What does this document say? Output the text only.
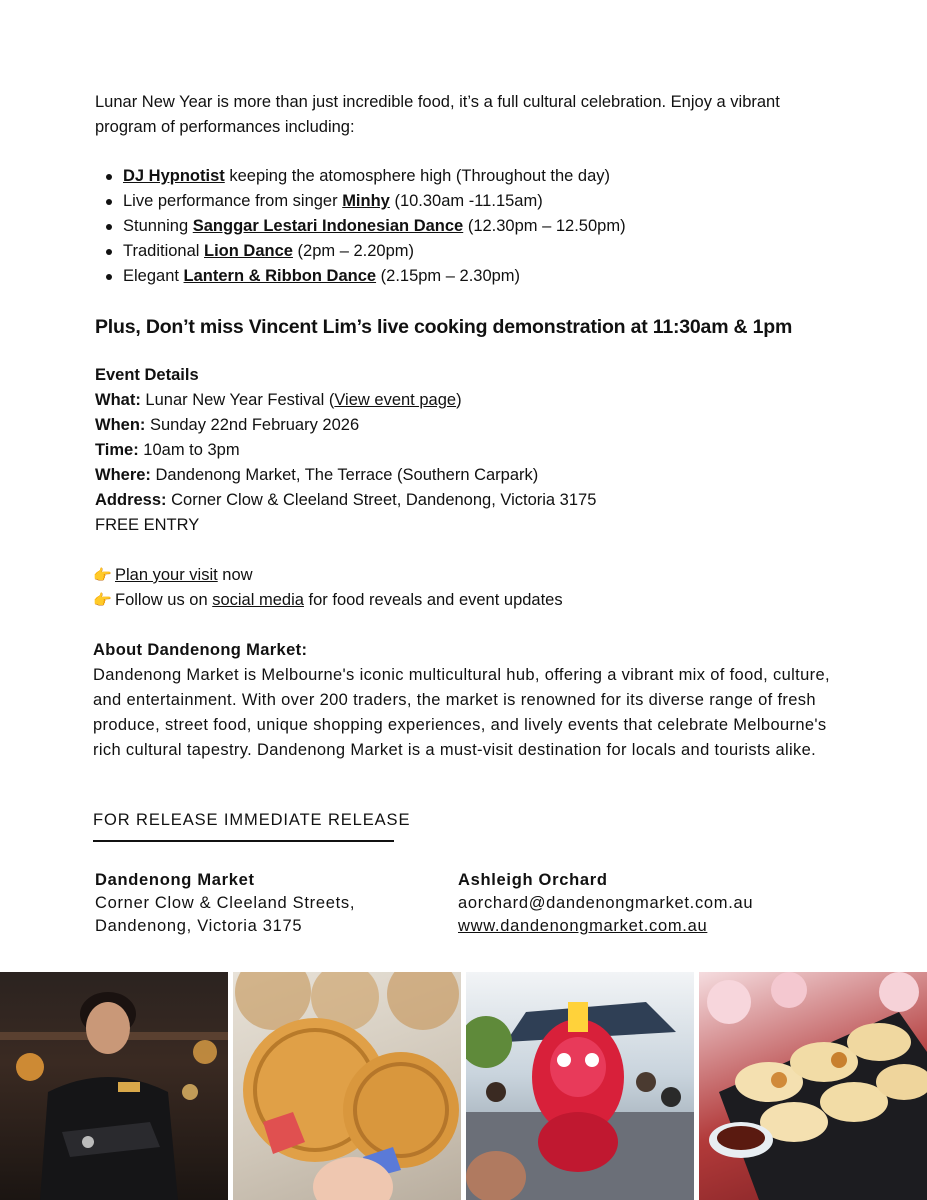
Lunar New Year is more than just incredible food, it’s a full cultural celebration. Enjoy a vibrant program of performances including:

DJ Hypnotist keeping the atomosphere high (Throughout the day)
Live performance from singer Minhy (10.30am -11.15am)
Stunning Sanggar Lestari Indonesian Dance (12.30pm – 12.50pm)
Traditional Lion Dance (2pm – 2.20pm)
Elegant Lantern & Ribbon Dance (2.15pm – 2.30pm)
Plus, Don’t miss Vincent Lim’s live cooking demonstration at 11:30am & 1pm
Event Details
What: Lunar New Year Festival (View event page)
When: Sunday 22nd February 2026
Time: 10am to 3pm
Where: Dandenong Market, The Terrace (Southern Carpark)
Address: Corner Clow & Cleeland Street, Dandenong, Victoria 3175
FREE ENTRY
👉 Plan your visit now
👉 Follow us on social media for food reveals and event updates
About Dandenong Market:

Dandenong Market is Melbourne's iconic multicultural hub, offering a vibrant mix of food, culture, and entertainment. With over 200 traders, the market is renowned for its diverse range of fresh produce, street food, unique shopping experiences, and lively events that celebrate Melbourne's rich cultural tapestry. Dandenong Market is a must-visit destination for locals and tourists alike.

FOR RELEASE IMMEDIATE RELEASE
Dandenong Market
Corner Clow & Cleeland Streets,
Dandenong, Victoria 3175
Ashleigh Orchard
aorchard@dandenongmarket.com.au
www.dandenongmarket.com.au
